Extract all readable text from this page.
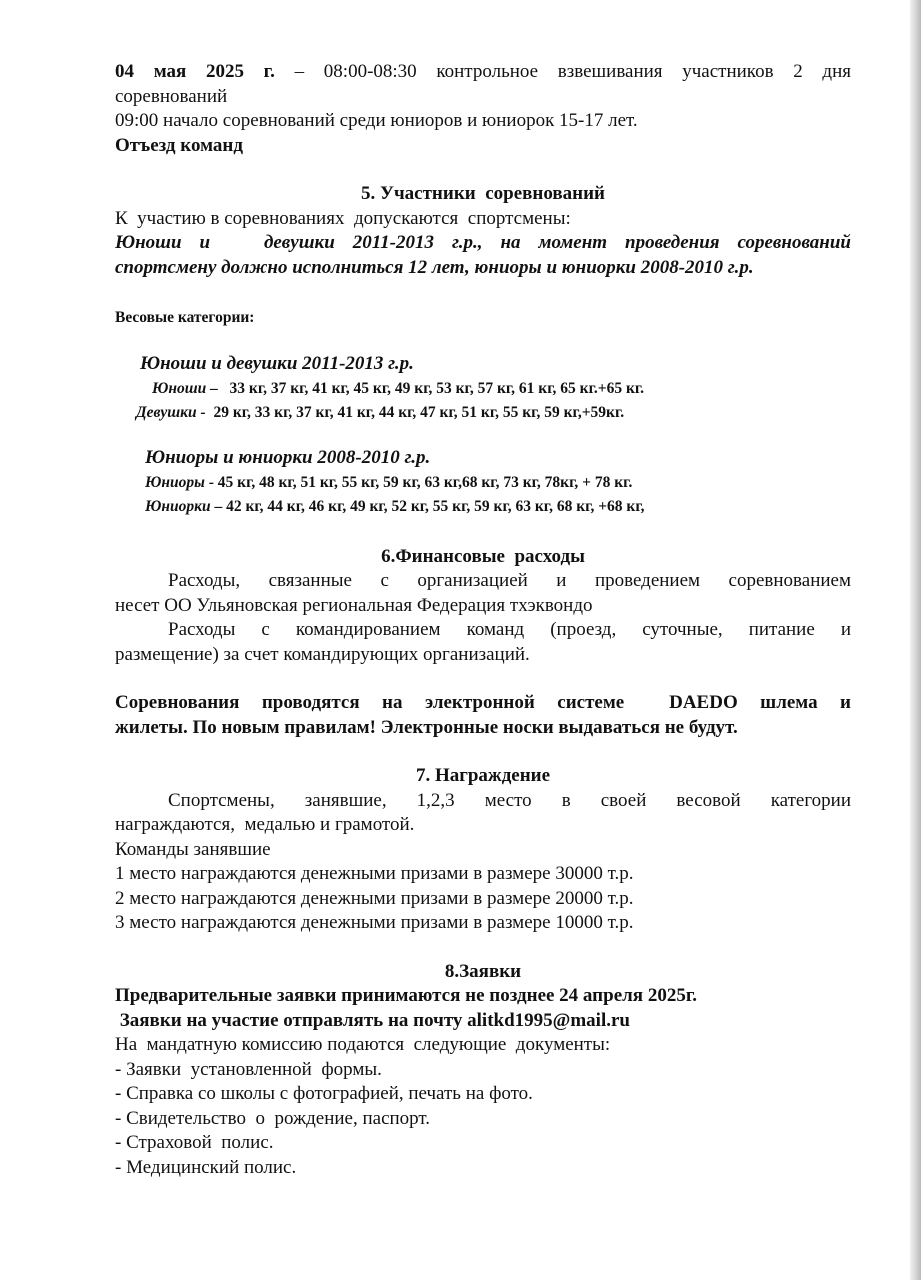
04 мая 2025 г. – 08:00-08:30 контрольное взвешивания участников 2 дня

соревнований

09:00 начало соревнований среди юниоров и юниорок 15-17 лет.

Отъезд команд

5. Участники  соревнований

К  участию в соревнованиях  допускаются  спортсмены:

Юноши и   девушки 2011-2013 г.р., на момент проведения соревнований

спортсмену должно исполниться 12 лет, юниоры и юниорки 2008-2010 г.р.

Весовые категории:

Юноши и девушки 2011-2013 г.р.

Юноши –   33 кг, 37 кг, 41 кг, 45 кг, 49 кг, 53 кг, 57 кг, 61 кг, 65 кг.+65 кг.

Девушки -  29 кг, 33 кг, 37 кг, 41 кг, 44 кг, 47 кг, 51 кг, 55 кг, 59 кг,+59кг.

Юниоры и юниорки 2008-2010 г.р.

Юниоры - 45 кг, 48 кг, 51 кг, 55 кг, 59 кг, 63 кг,68 кг, 73 кг, 78кг, + 78 кг.

Юниорки – 42 кг, 44 кг, 46 кг, 49 кг, 52 кг, 55 кг, 59 кг, 63 кг, 68 кг, +68 кг,

6.Финансовые  расходы

Расходы, связанные с организацией и проведением соревнованием

несет ОО Ульяновская региональная Федерация тхэквондо

Расходы с командированием команд (проезд, суточные, питание и

размещение) за счет командирующих организаций.

Соревнования проводятся на электронной системе  DAEDO шлема и

жилеты. По новым правилам! Электронные носки выдаваться не будут.

7. Награждение

Спортсмены, занявшие, 1,2,3 место в своей весовой категории

награждаются,  медалью и грамотой.

Команды занявшие

1 место награждаются денежными призами в размере 30000 т.р.

2 место награждаются денежными призами в размере 20000 т.р.

3 место награждаются денежными призами в размере 10000 т.р.

8.Заявки

Предварительные заявки принимаются не позднее 24 апреля 2025г.

Заявки на участие отправлять на почту alitkd1995@mail.ru

На  мандатную комиссию подаются  следующие  документы:

- Заявки  установленной  формы.

- Справка со школы с фотографией, печать на фото.

- Свидетельство  о  рождение, паспорт.

- Страховой  полис.

- Медицинский полис.
